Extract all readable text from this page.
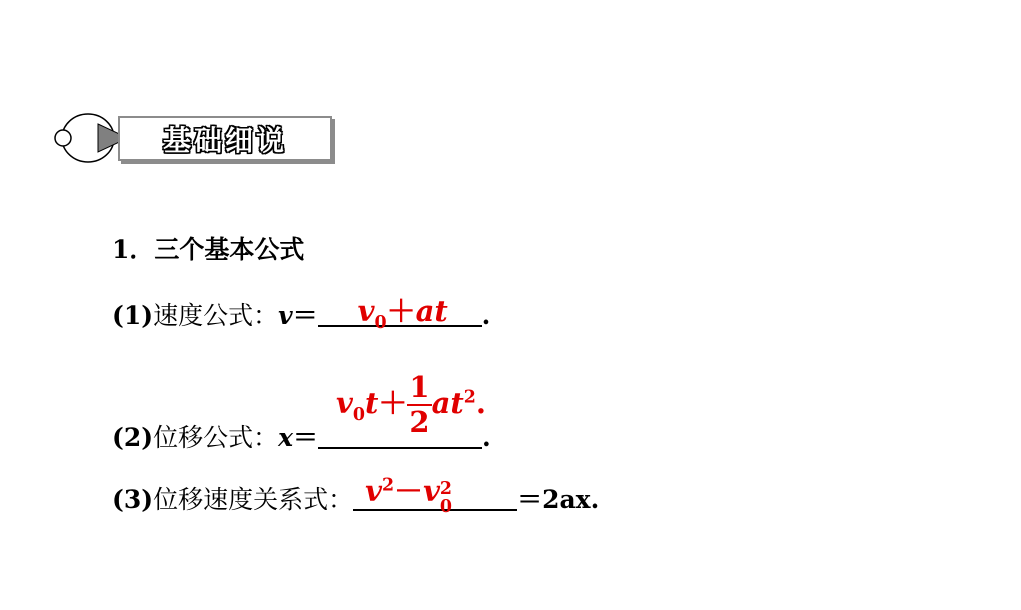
基础细说
1．三个基本公式
(1)速度公式：$v= v_0+at$ .
(2)位移公式：x＝
$v_0t+ \frac{1}{2} at^2$.
.
(3)位移速度关系式： $v^2-v$ 2
0	＝2ax.
